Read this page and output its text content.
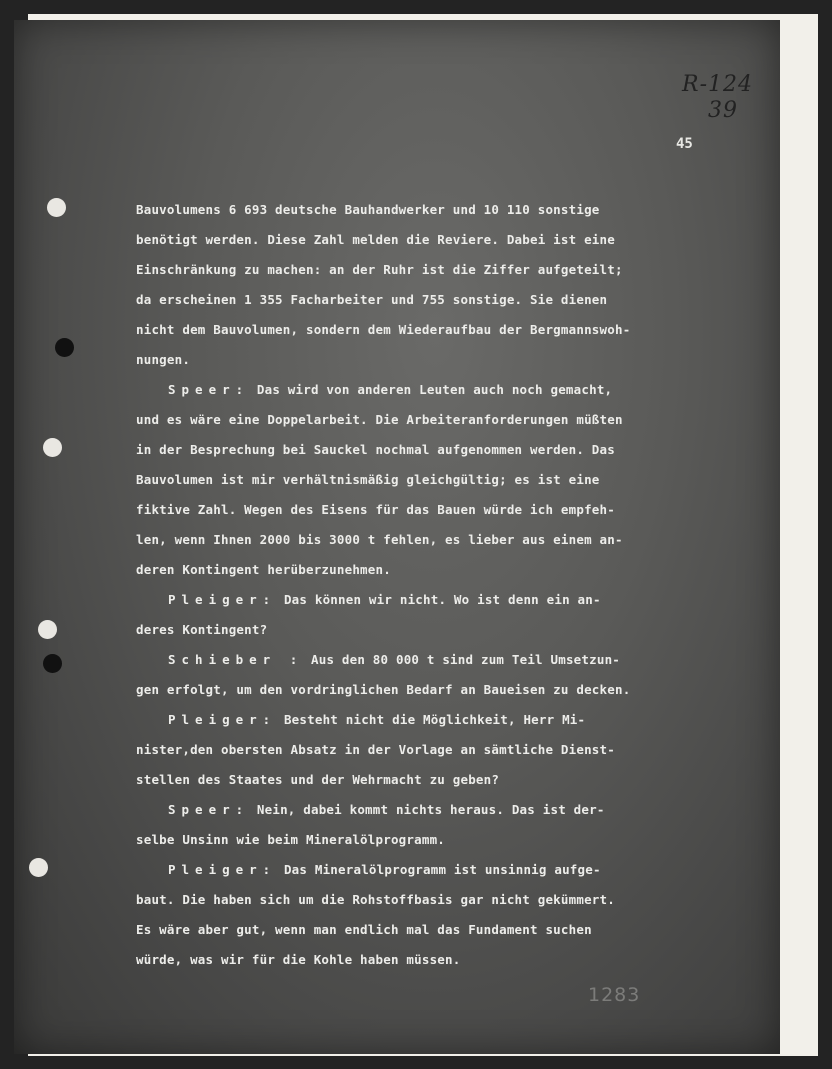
R-124
39
45
Bauvolumens 6 693 deutsche Bauhandwerker und 10 110 sonstige
benötigt werden. Diese Zahl melden die Reviere. Dabei ist eine
Einschränkung zu machen: an der Ruhr ist die Ziffer aufgeteilt;
da erscheinen 1 355 Facharbeiter und 755 sonstige. Sie dienen
nicht dem Bauvolumen, sondern dem Wiederaufbau der Bergmannswoh-
nungen.
Speer: Das wird von anderen Leuten auch noch gemacht,
und es wäre eine Doppelarbeit. Die Arbeiteranforderungen müßten
in der Besprechung bei Sauckel nochmal aufgenommen werden. Das
Bauvolumen ist mir verhältnismäßig gleichgültig; es ist eine
fiktive Zahl. Wegen des Eisens für das Bauen würde ich empfeh-
len, wenn Ihnen 2000 bis 3000 t fehlen, es lieber aus einem an-
deren Kontingent herüberzunehmen.
Pleiger: Das können wir nicht. Wo ist denn ein an-
deres Kontingent?
Schieber : Aus den 80 000 t sind zum Teil Umsetzun-
gen erfolgt, um den vordringlichen Bedarf an Baueisen zu decken.
Pleiger: Besteht nicht die Möglichkeit, Herr Mi-
nister,den obersten Absatz in der Vorlage an sämtliche Dienst-
stellen des Staates und der Wehrmacht zu geben?
Speer: Nein, dabei kommt nichts heraus. Das ist der-
selbe Unsinn wie beim Mineralölprogramm.
Pleiger: Das Mineralölprogramm ist unsinnig aufge-
baut. Die haben sich um die Rohstoffbasis gar nicht gekümmert.
Es wäre aber gut, wenn man endlich mal das Fundament suchen
würde, was wir für die Kohle haben müssen.
1283
